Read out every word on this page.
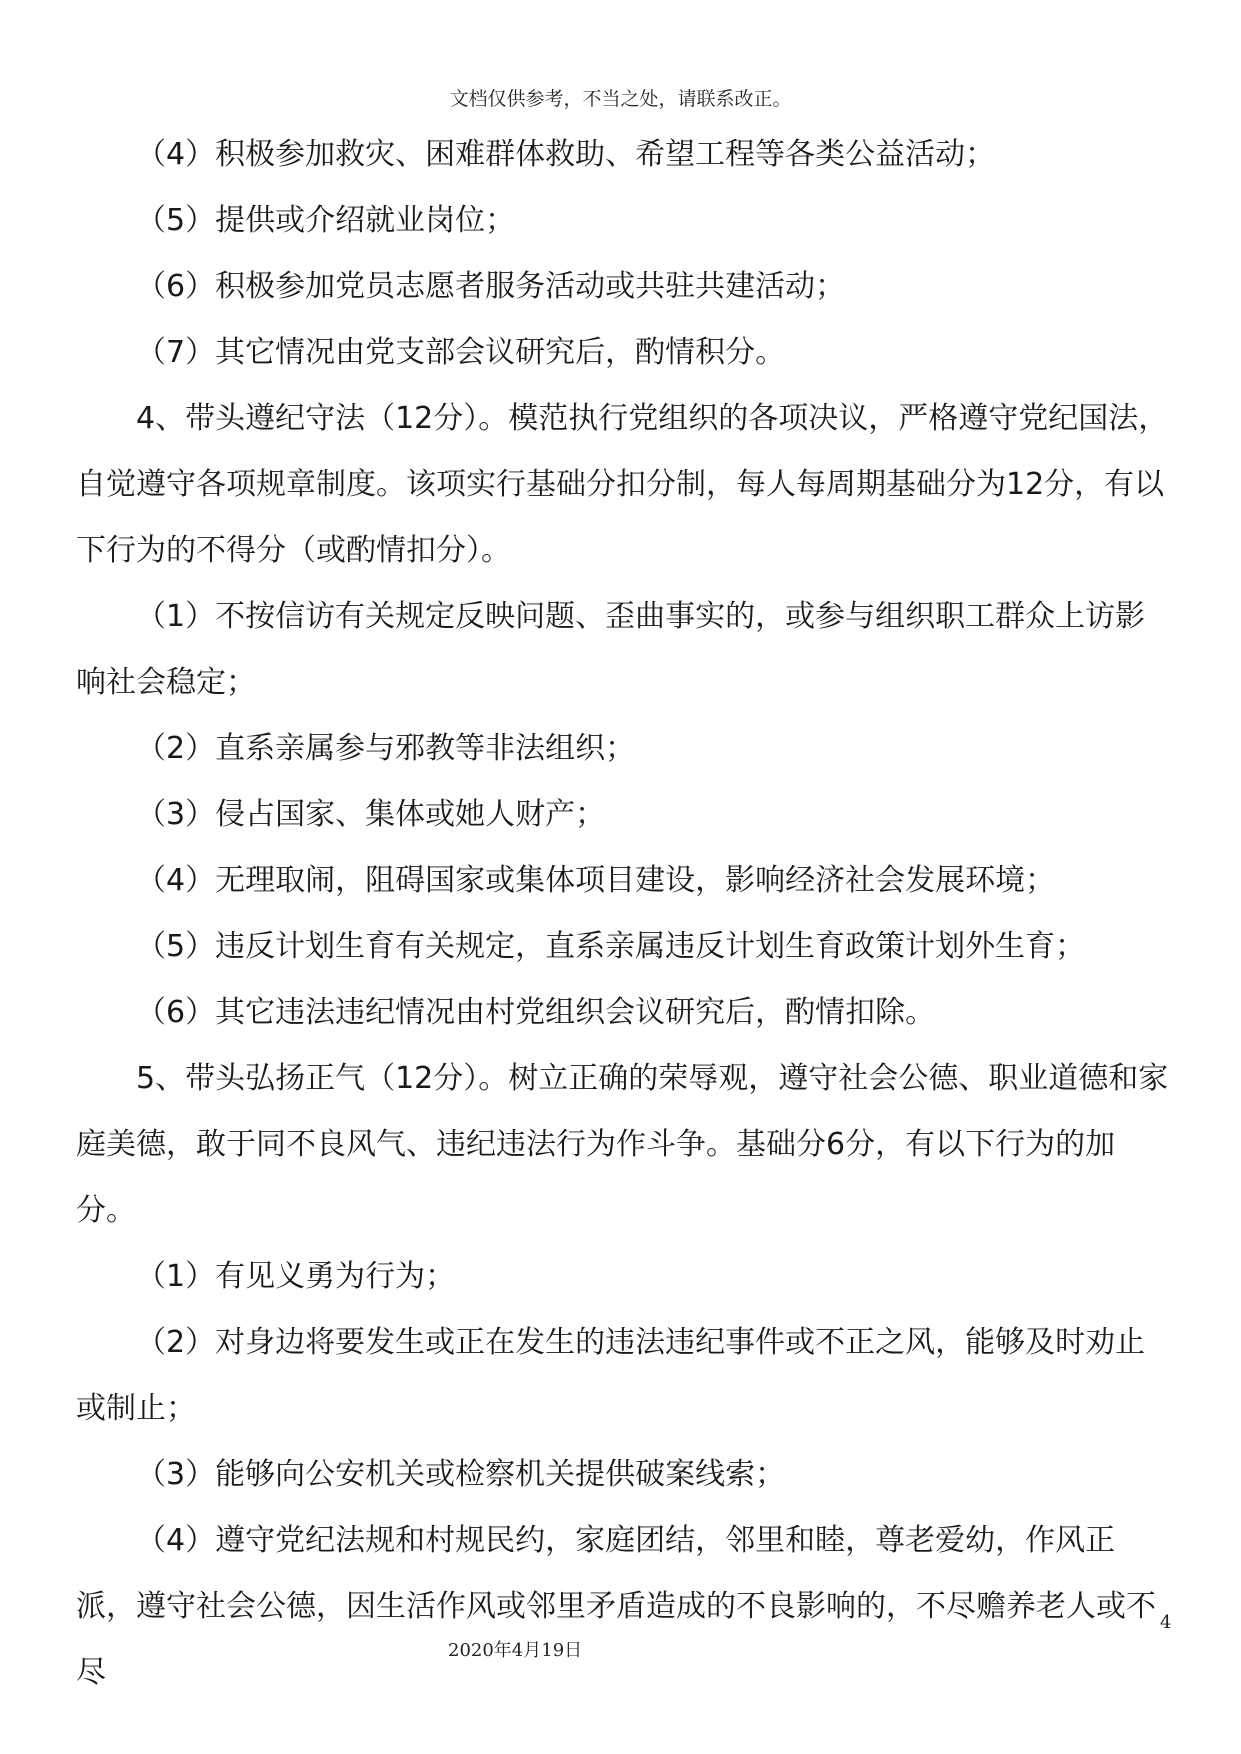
文档仅供参考，不当之处，请联系改正。

（4）积极参加救灾、困难群体救助、希望工程等各类公益活动；

（5）提供或介绍就业岗位；

（6）积极参加党员志愿者服务活动或共驻共建活动；

（7）其它情况由党支部会议研究后，酌情积分。

4、带头遵纪守法（12分）。模范执行党组织的各项决议，严格遵守党纪国法，自觉遵守各项规章制度。该项实行基础分扣分制，每人每周期基础分为12分，有以下行为的不得分（或酌情扣分）。

（1）不按信访有关规定反映问题、歪曲事实的，或参与组织职工群众上访影响社会稳定；

（2）直系亲属参与邪教等非法组织；

（3）侵占国家、集体或她人财产；

（4）无理取闹，阻碍国家或集体项目建设，影响经济社会发展环境；

（5）违反计划生育有关规定，直系亲属违反计划生育政策计划外生育；

（6）其它违法违纪情况由村党组织会议研究后，酌情扣除。

5、带头弘扬正气（12分）。树立正确的荣辱观，遵守社会公德、职业道德和家庭美德，敢于同不良风气、违纪违法行为作斗争。基础分6分，有以下行为的加分。

（1）有见义勇为行为；

（2）对身边将要发生或正在发生的违法违纪事件或不正之风，能够及时劝止或制止；

（3）能够向公安机关或检察机关提供破案线索；

（4）遵守党纪法规和村规民约，家庭团结，邻里和睦，尊老爱幼，作风正派，遵守社会公德，因生活作风或邻里矛盾造成的不良影响的，不尽赡养老人或不尽

4
2020年4月19日
